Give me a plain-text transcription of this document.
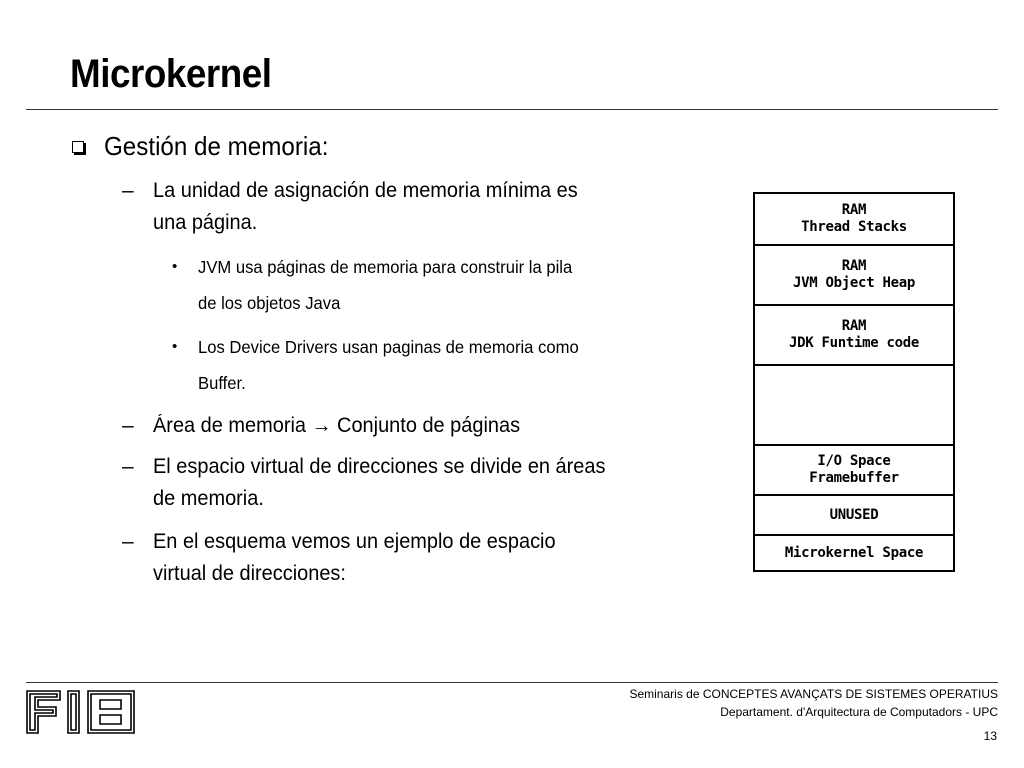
Microkernel
Gestión de memoria:
– La unidad de asignación de memoria mínima es
una página.
• JVM usa páginas de memoria para construir la pila
de los objetos Java
• Los Device Drivers usan paginas de memoria como
Buffer.
– Área de memoria → Conjunto de páginas
– El espacio virtual de direcciones se divide en áreas
de memoria.
– En el esquema vemos un ejemplo de espacio
virtual de direcciones:
RAM
Thread Stacks
RAM
JVM Object Heap
RAM
JDK Funtime code
I/O Space
Framebuffer
UNUSED
Microkernel Space
Seminaris de CONCEPTES AVANÇATS DE SISTEMES OPERATIUS
Departament. d'Arquitectura de Computadors - UPC
13
